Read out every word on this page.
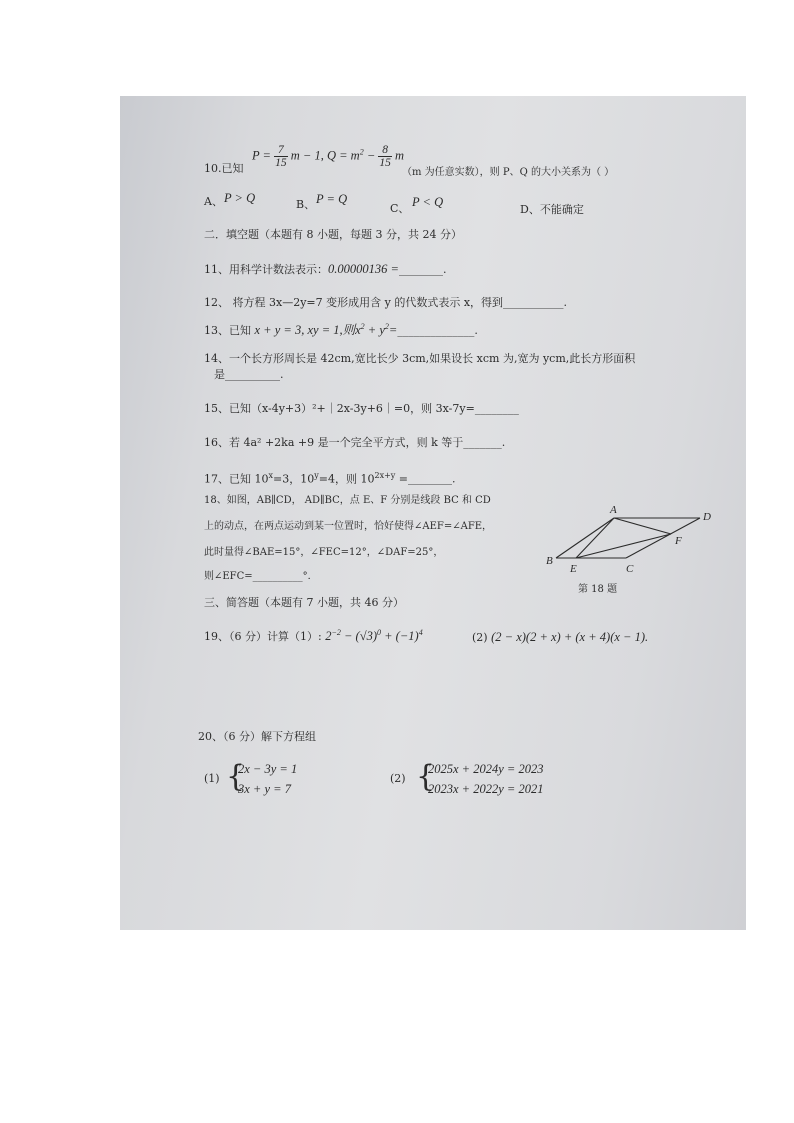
10.已知
$P = \frac{7}{15}$ m − 1, $Q = m^2 - \frac{8}{15}$ m
（m 为任意实数），则 P、Q 的大小关系为（ ）
A、 P > Q	B、 P = Q
C、 P < Q
D、不能确定
二．填空题（本题有 8 小题，每题 3 分，共 24 分）
11、用科学计数法表示：0.00000136 =________.
12、 将方程 3x—2y=7 变形成用含 y 的代数式表示 x，得到___________.
13、已知 x + y = 3, xy = 1,则$x^2$ + $y^2=\_\_\_\_\_\_\_\_\_\_\_\_\_\_$.
14、一个长方形周长是 42cm,宽比长少 3cm,如果设长 xcm 为,宽为 ycm,此长方形面积
是__________.

15、已知（x-4y+3）²+｜2x-3y+6｜=0，则 3x-7y=________
16、若 4a² +2ka +9 是一个完全平方式，则 k 等于_______.
17、已知 $10^x=3$，$10^y=4$，则 $10^{2x+y}$ =________.
18、如图，AB∥CD， AD∥BC，点 E、F 分别是线段 BC 和 CD
上的动点，在两点运动到某一位置时，恰好使得∠AEF=∠AFE，
此时量得∠BAE=15°，∠FEC=12°，∠DAF=25°，
则∠EFC=__________°．
A
D
B
E	C
F
第 18 题
三、简答题（本题有 7 小题，共 46 分）
19、（6 分）计算（1）: $2^{-2} - (√3)^0 + (-1)^4$	(2) (2 − x)(2 + x) + (x + 4)(x − 1).

20、（6 分）解下方程组
(1) {
2x − 3y = 1
3x + y = 7
(2) {
2025x + 2024y = 2023
2023x + 2022y = 2021
